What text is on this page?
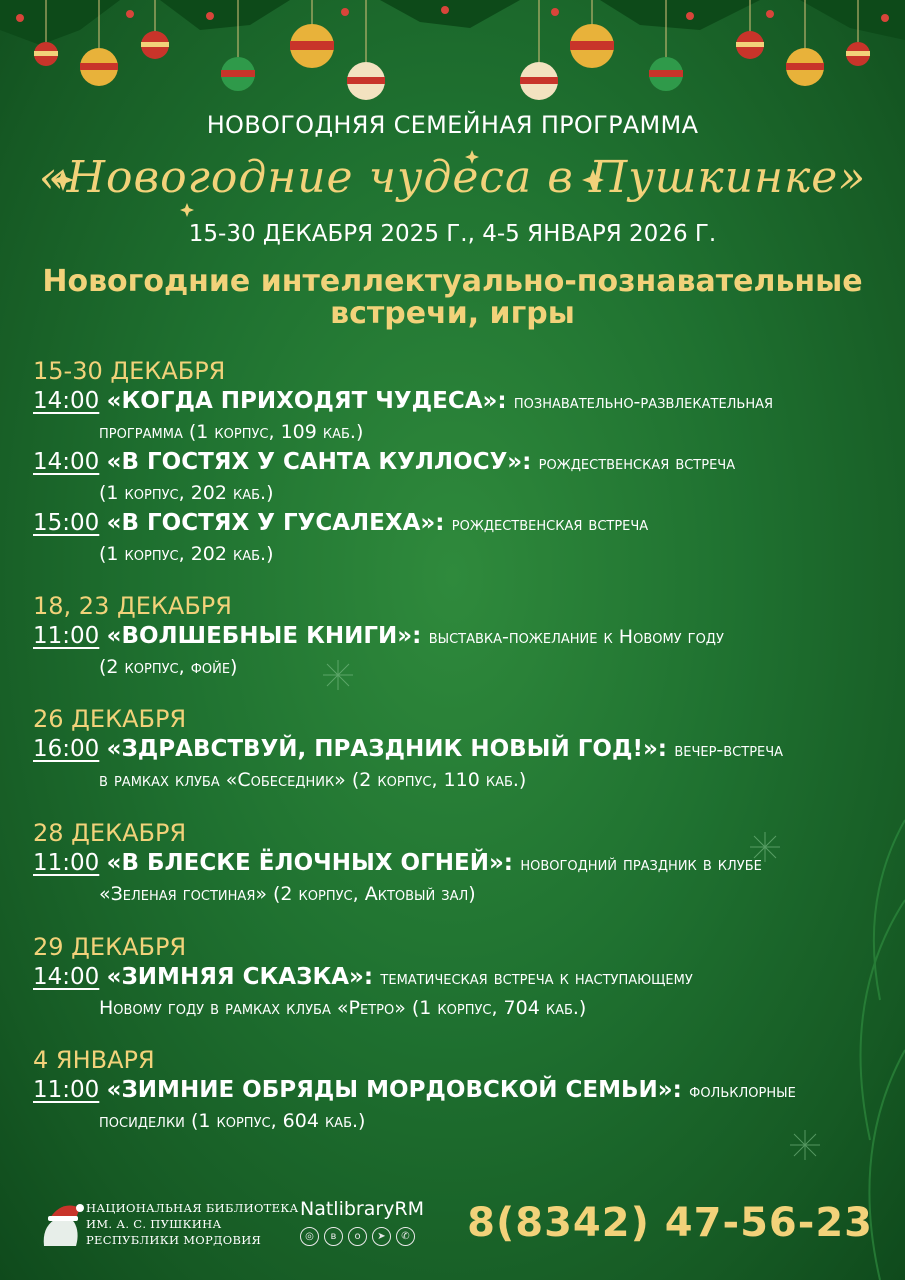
НОВОГОДНЯЯ СЕМЕЙНАЯ ПРОГРАММА
«Новогодние чудеса в Пушкинке»
15-30 ДЕКАБРЯ 2025 Г., 4-5 ЯНВАРЯ 2026 Г.
Новогодние интеллектуально-познавательные
встречи, игры
15-30 ДЕКАБРЯ
14:00 «КОГДА ПРИХОДЯТ ЧУДЕСА»: познавательно-развлекательная
программа (1 корпус, 109 каб.)
14:00 «В ГОСТЯХ У САНТА КУЛЛОСУ»: рождественская встреча
(1 корпус, 202 каб.)
15:00 «В ГОСТЯХ У ГУСАЛЕХА»: рождественская встреча
(1 корпус, 202 каб.)
18, 23 ДЕКАБРЯ
11:00 «ВОЛШЕБНЫЕ КНИГИ»: выставка-пожелание к Новому году
(2 корпус, фойе)
26 ДЕКАБРЯ
16:00 «ЗДРАВСТВУЙ, ПРАЗДНИК НОВЫЙ ГОД!»: вечер-встреча
в рамках клуба «Собеседник» (2 корпус, 110 каб.)
28 ДЕКАБРЯ
11:00 «В БЛЕСКЕ ЁЛОЧНЫХ ОГНЕЙ»: новогодний праздник в клубе
«Зеленая гостиная» (2 корпус, Актовый зал)
29 ДЕКАБРЯ
14:00 «ЗИМНЯЯ СКАЗКА»: тематическая встреча к наступающему
Новому году в рамках клуба «Ретро» (1 корпус, 704 каб.)
4 ЯНВАРЯ
11:00 «ЗИМНИЕ ОБРЯДЫ МОРДОВСКОЙ СЕМЬИ»: фольклорные
посиделки (1 корпус, 604 каб.)
НАЦИОНАЛЬНАЯ БИБЛИОТЕКА
ИМ. А. С. ПУШКИНА
РЕСПУБЛИКИ МОРДОВИЯ
NatlibraryRM
◎	в	о	➤	✆ 8(8342) 47-56-23
